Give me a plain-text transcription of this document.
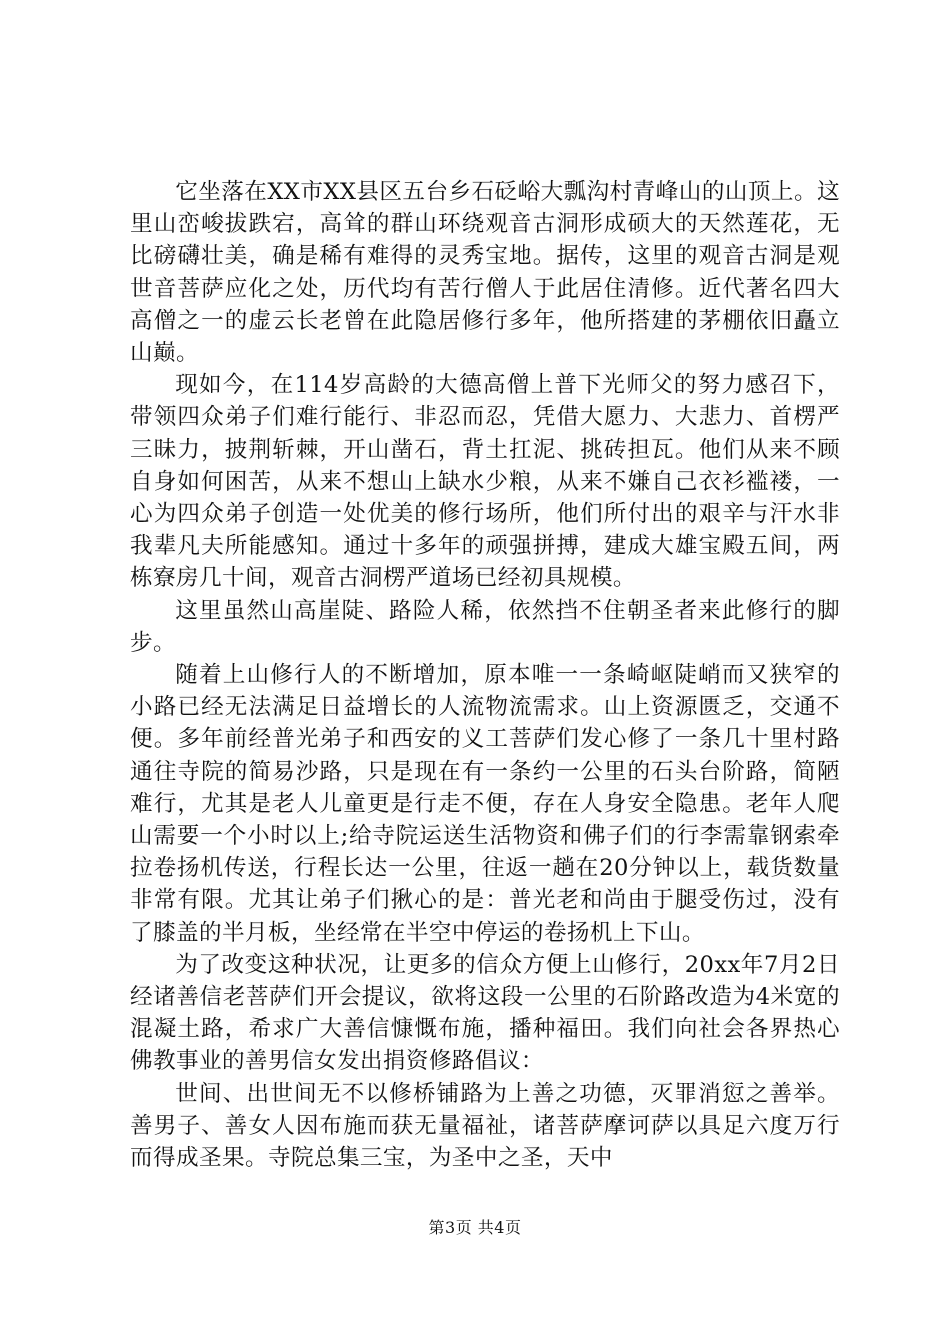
它坐落在XX市XX县区五台乡石砭峪大瓢沟村青峰山的山顶上。这里山峦峻拔跌宕，高耸的群山环绕观音古洞形成硕大的天然莲花，无比磅礴壮美，确是稀有难得的灵秀宝地。据传，这里的观音古洞是观世音菩萨应化之处，历代均有苦行僧人于此居住清修。近代著名四大高僧之一的虚云长老曾在此隐居修行多年，他所搭建的茅棚依旧矗立山巅。

现如今，在114岁高龄的大德高僧上普下光师父的努力感召下，带领四众弟子们难行能行、非忍而忍，凭借大愿力、大悲力、首楞严三昧力，披荆斩棘，开山凿石，背土扛泥、挑砖担瓦。他们从来不顾自身如何困苦，从来不想山上缺水少粮，从来不嫌自己衣衫褴褛，一心为四众弟子创造一处优美的修行场所，他们所付出的艰辛与汗水非我辈凡夫所能感知。通过十多年的顽强拼搏，建成大雄宝殿五间，两栋寮房几十间，观音古洞楞严道场已经初具规模。

这里虽然山高崖陡、路险人稀，依然挡不住朝圣者来此修行的脚步。

随着上山修行人的不断增加，原本唯一一条崎岖陡峭而又狭窄的小路已经无法满足日益增长的人流物流需求。山上资源匮乏，交通不便。多年前经普光弟子和西安的义工菩萨们发心修了一条几十里村路通往寺院的简易沙路，只是现在有一条约一公里的石头台阶路，简陋难行，尤其是老人儿童更是行走不便，存在人身安全隐患。老年人爬山需要一个小时以上;给寺院运送生活物资和佛子们的行李需靠钢索牵拉卷扬机传送，行程长达一公里，往返一趟在20分钟以上，载货数量非常有限。尤其让弟子们揪心的是：普光老和尚由于腿受伤过，没有了膝盖的半月板，坐经常在半空中停运的卷扬机上下山。

为了改变这种状况，让更多的信众方便上山修行，20xx年7月2日经诸善信老菩萨们开会提议，欲将这段一公里的石阶路改造为4米宽的混凝土路，希求广大善信慷慨布施，播种福田。我们向社会各界热心佛教事业的善男信女发出捐资修路倡议：

世间、出世间无不以修桥铺路为上善之功德，灭罪消愆之善举。善男子、善女人因布施而获无量福祉，诸菩萨摩诃萨以具足六度万行而得成圣果。寺院总集三宝，为圣中之圣，天中

第3页 共4页
